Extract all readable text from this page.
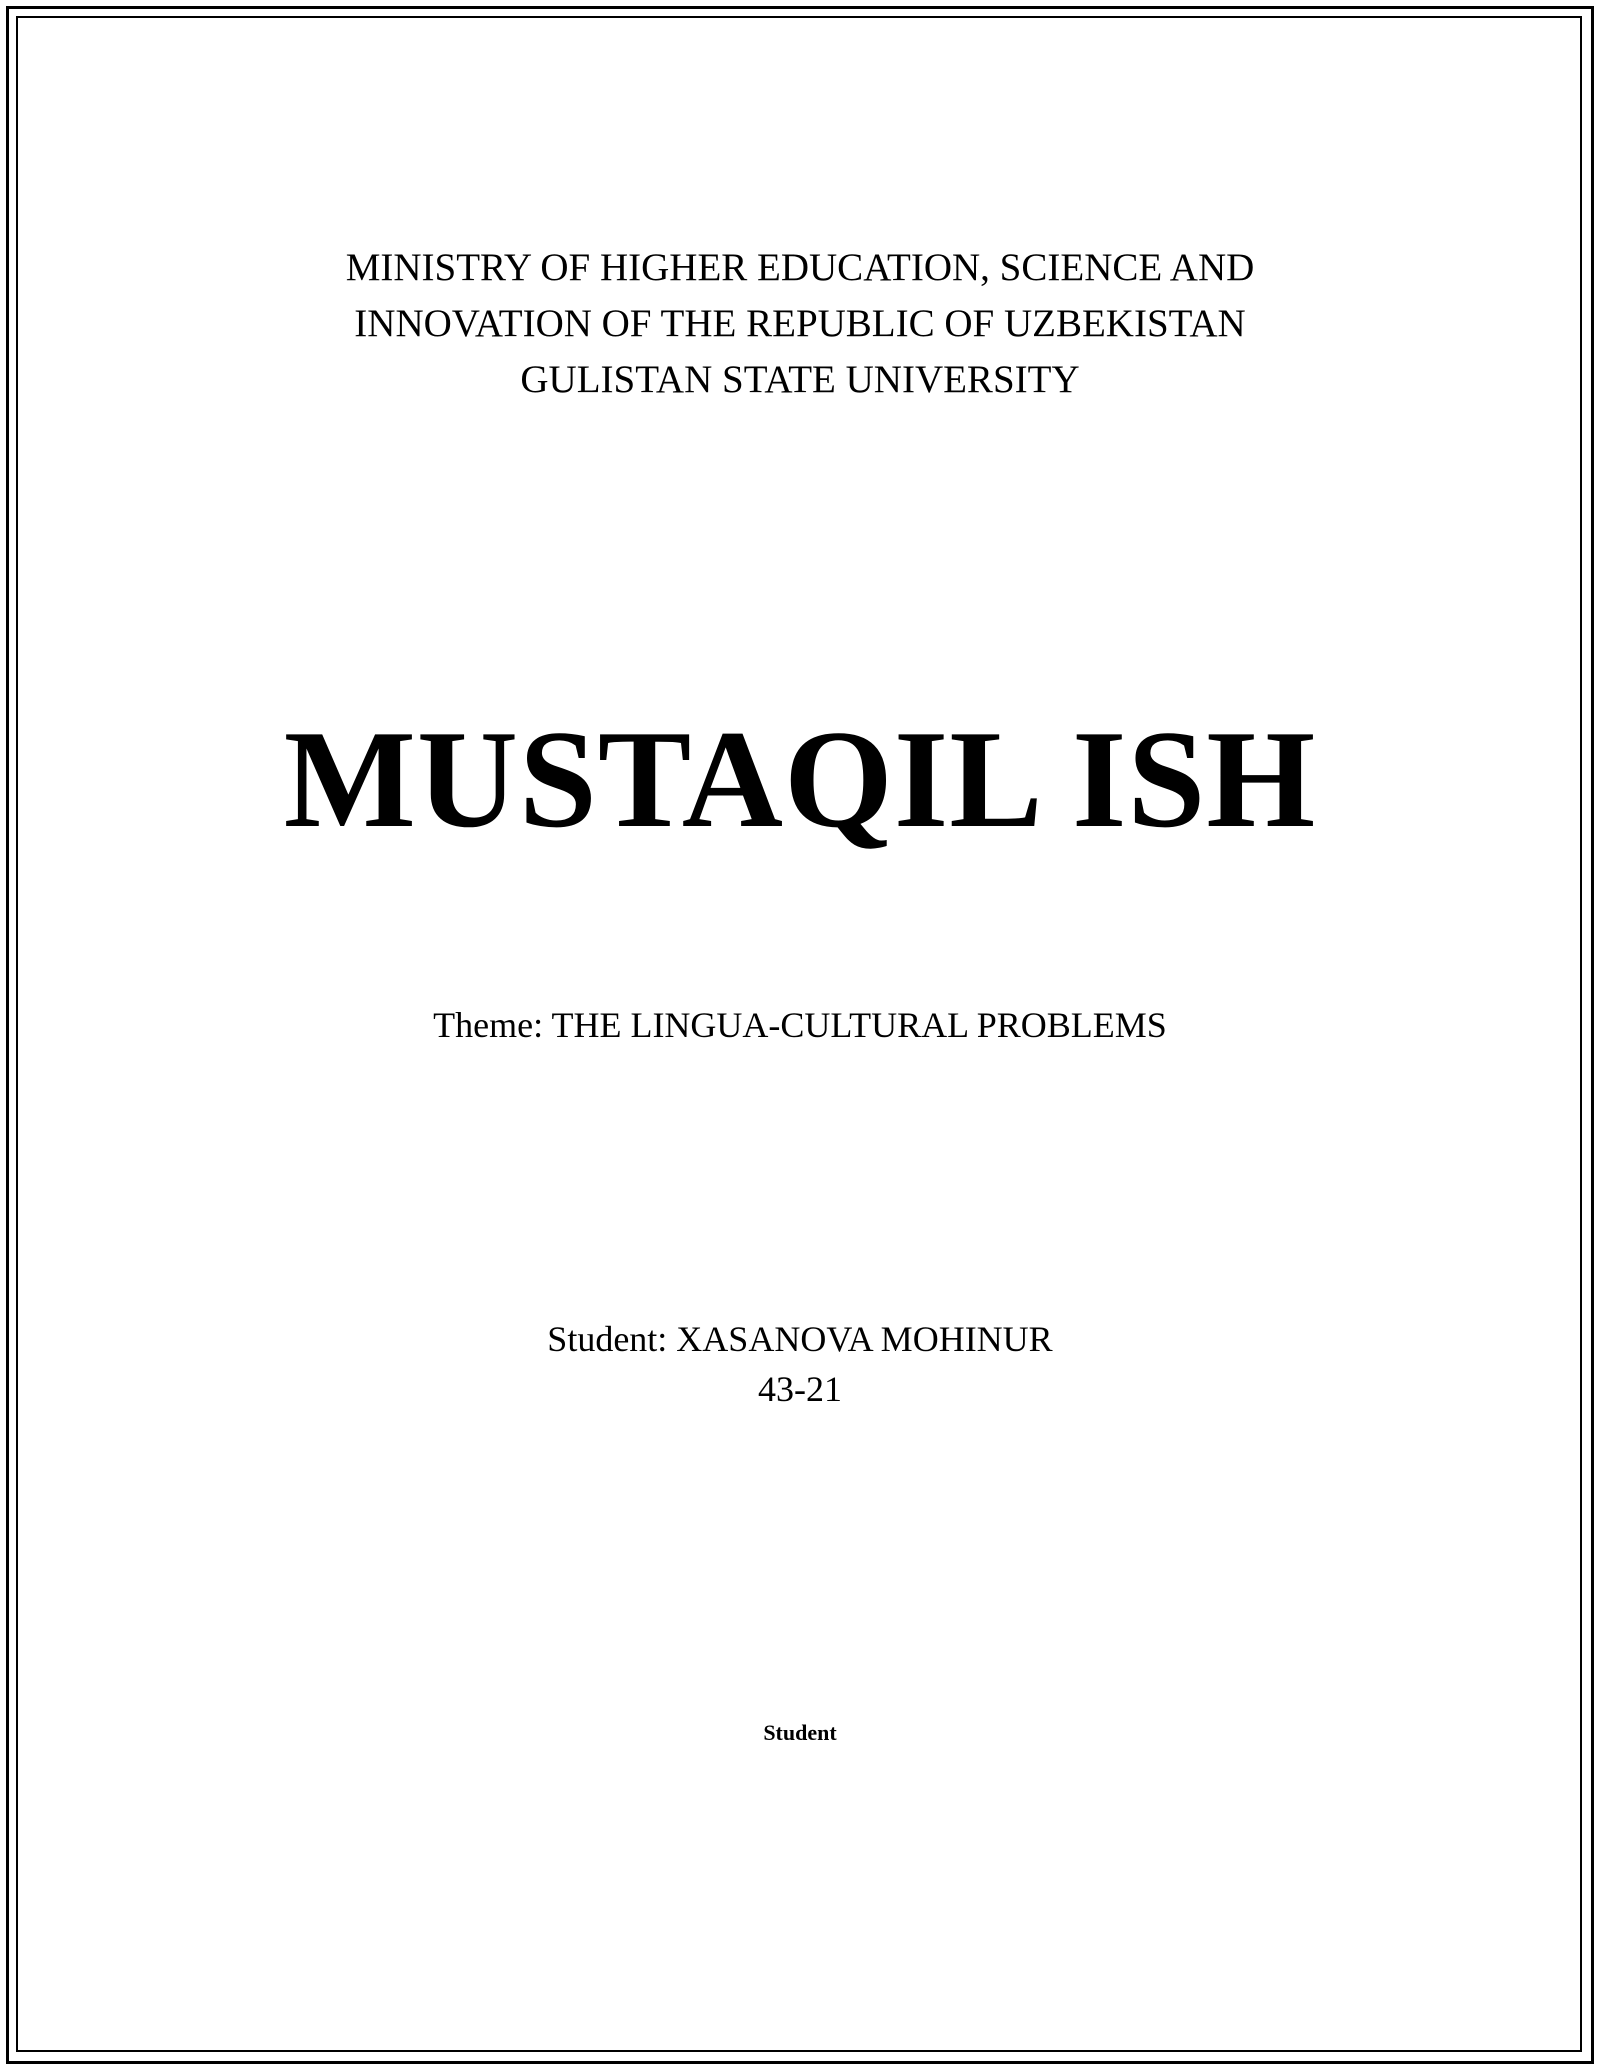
MINISTRY OF HIGHER EDUCATION, SCIENCE AND
INNOVATION OF THE REPUBLIC OF UZBEKISTAN
GULISTAN STATE UNIVERSITY
MUSTAQIL ISH
Theme: THE LINGUA-CULTURAL PROBLEMS
Student: XASANOVA MOHINUR
43-21
Student
